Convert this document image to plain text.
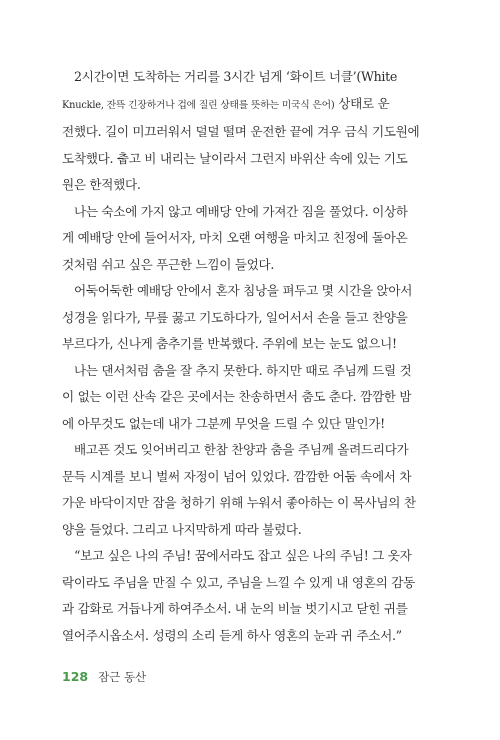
2시간이면 도착하는 거리를 3시간 넘게 ‘화이트 너클’(White
Knuckle, 잔뜩 긴장하거나 겁에 질린 상태를 뜻하는 미국식 은어) 상태로 운
전했다. 길이 미끄러워서 덜덜 떨며 운전한 끝에 겨우 금식 기도원에
도착했다. 춥고 비 내리는 날이라서 그런지 바위산 속에 있는 기도
원은 한적했다.
나는 숙소에 가지 않고 예배당 안에 가져간 짐을 풀었다. 이상하
게 예배당 안에 들어서자, 마치 오랜 여행을 마치고 친정에 돌아온
것처럼 쉬고 싶은 푸근한 느낌이 들었다.
어둑어둑한 예배당 안에서 혼자 침낭을 펴두고 몇 시간을 앉아서
성경을 읽다가, 무릎 꿇고 기도하다가, 일어서서 손을 들고 찬양을
부르다가, 신나게 춤추기를 반복했다. 주위에 보는 눈도 없으니!
나는 댄서처럼 춤을 잘 추지 못한다. 하지만 때로 주님께 드릴 것
이 없는 이런 산속 같은 곳에서는 찬송하면서 춤도 춘다. 깜깜한 밤
에 아무것도 없는데 내가 그분께 무엇을 드릴 수 있단 말인가!
배고픈 것도 잊어버리고 한참 찬양과 춤을 주님께 올려드리다가
문득 시계를 보니 벌써 자정이 넘어 있었다. 깜깜한 어둠 속에서 차
가운 바닥이지만 잠을 청하기 위해 누워서 좋아하는 이 목사님의 찬
양을 들었다. 그리고 나지막하게 따라 불렀다.
“보고 싶은 나의 주님! 꿈에서라도 잡고 싶은 나의 주님! 그 옷자
락이라도 주님을 만질 수 있고, 주님을 느낄 수 있게 내 영혼의 감동
과 감화로 거듭나게 하여주소서. 내 눈의 비늘 벗기시고 닫힌 귀를
열어주시옵소서. 성령의 소리 듣게 하사 영혼의 눈과 귀 주소서.”
128 잠근 동산
